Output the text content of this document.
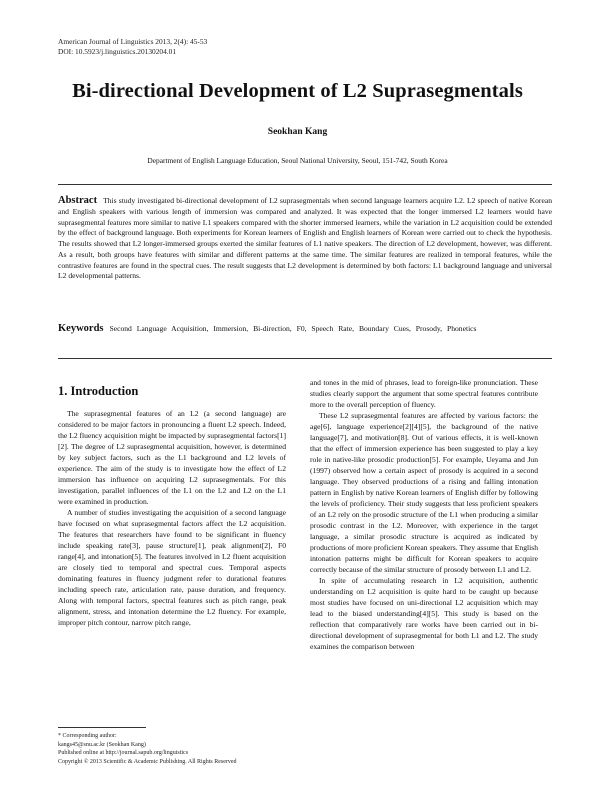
American Journal of Linguistics 2013, 2(4): 45-53
DOI: 10.5923/j.linguistics.20130204.01
Bi-directional Development of L2 Suprasegmentals
Seokhan Kang
Department of English Language Education, Seoul National University, Seoul, 151-742, South Korea
Abstract This study investigated bi-directional development of L2 suprasegmentals when second language learners acquire L2. L2 speech of native Korean and English speakers with various length of immersion was compared and analyzed. It was expected that the longer immersed L2 learners would have suprasegmental features more similar to native L1 speakers compared with the shorter immersed learners, while the variation in L2 acquisition could be extended by the effect of background language. Both experiments for Korean learners of English and English learners of Korean were carried out to check the hypothesis. The results showed that L2 longer-immersed groups exerted the similar features of L1 native speakers. The direction of L2 development, however, was different. As a result, both groups have features with similar and different patterns at the same time. The similar features are realized in temporal features, while the contrastive features are found in the spectral cues. The result suggests that L2 development is determined by both factors: L1 background language and universal L2 developmental patterns.
Keywords Second Language Acquisition, Immersion, Bi-direction, F0, Speech Rate, Boundary Cues, Prosody, Phonetics
1. Introduction

The suprasegmental features of an L2 (a second language) are considered to be major factors in pronouncing a fluent L2 speech. Indeed, the L2 fluency acquisition might be impacted by suprasegmental factors[1][2]. The degree of L2 suprasegmental acquisition, however, is determined by key subject factors, such as the L1 background and L2 levels of experience. The aim of the study is to investigate how the effect of L2 immersion has influence on acquiring L2 suprasegmentals. For this investigation, parallel influences of the L1 on the L2 and L2 on the L1 were examined in production.

A number of studies investigating the acquisition of a second language have focused on what suprasegmental factors affect the L2 acquisition. The features that researchers have found to be significant in fluency include speaking rate[3], pause structure[1], peak alignment[2], F0 range[4], and intonation[5]. The features involved in L2 fluent acquisition are closely tied to temporal and spectral cues. Temporal aspects dominating features in fluency judgment refer to durational features including speech rate, articulation rate, pause duration, and frequency. Along with temporal factors, spectral features such as pitch range, peak alignment, stress, and intonation determine the L2 fluency. For example, improper pitch contour, narrow pitch range,

and tones in the mid of phrases, lead to foreign-like pronunciation. These studies clearly support the argument that some spectral features contribute more to the overall perception of fluency.

These L2 suprasegmental features are affected by various factors: the age[6], language experience[2][4][5], the background of the native language[7], and motivation[8]. Out of various effects, it is well-known that the effect of immersion experience has been suggested to play a key role in native-like prosodic production[5]. For example, Ueyama and Jun (1997) observed how a certain aspect of prosody is acquired in a second language. They observed productions of a rising and falling intonation pattern in English by native Korean learners of English differ by following the levels of proficiency. Their study suggests that less proficient speakers of an L2 rely on the prosodic structure of the L1 when producing a similar prosodic contrast in the L2. Moreover, with experience in the target language, a similar prosodic structure is acquired as indicated by productions of more proficient Korean speakers. They assume that English intonation patterns might be difficult for Korean speakers to acquire correctly because of the similar structure of prosody between L1 and L2.

In spite of accumulating research in L2 acquisition, authentic understanding on L2 acquisition is quite hard to be caught up because most studies have focused on uni-directional L2 acquisition which may lead to the biased understanding[4][5]. This study is based on the reflection that comparatively rare works have been carried out in bi-directional development of suprasegmental for both L1 and L2. The study examines the comparison between

* Corresponding author:
kangs45@snu.ac.kr (Seokhan Kang)
Published online at http://journal.sapub.org/linguistics
Copyright © 2013 Scientific & Academic Publishing. All Rights Reserved
